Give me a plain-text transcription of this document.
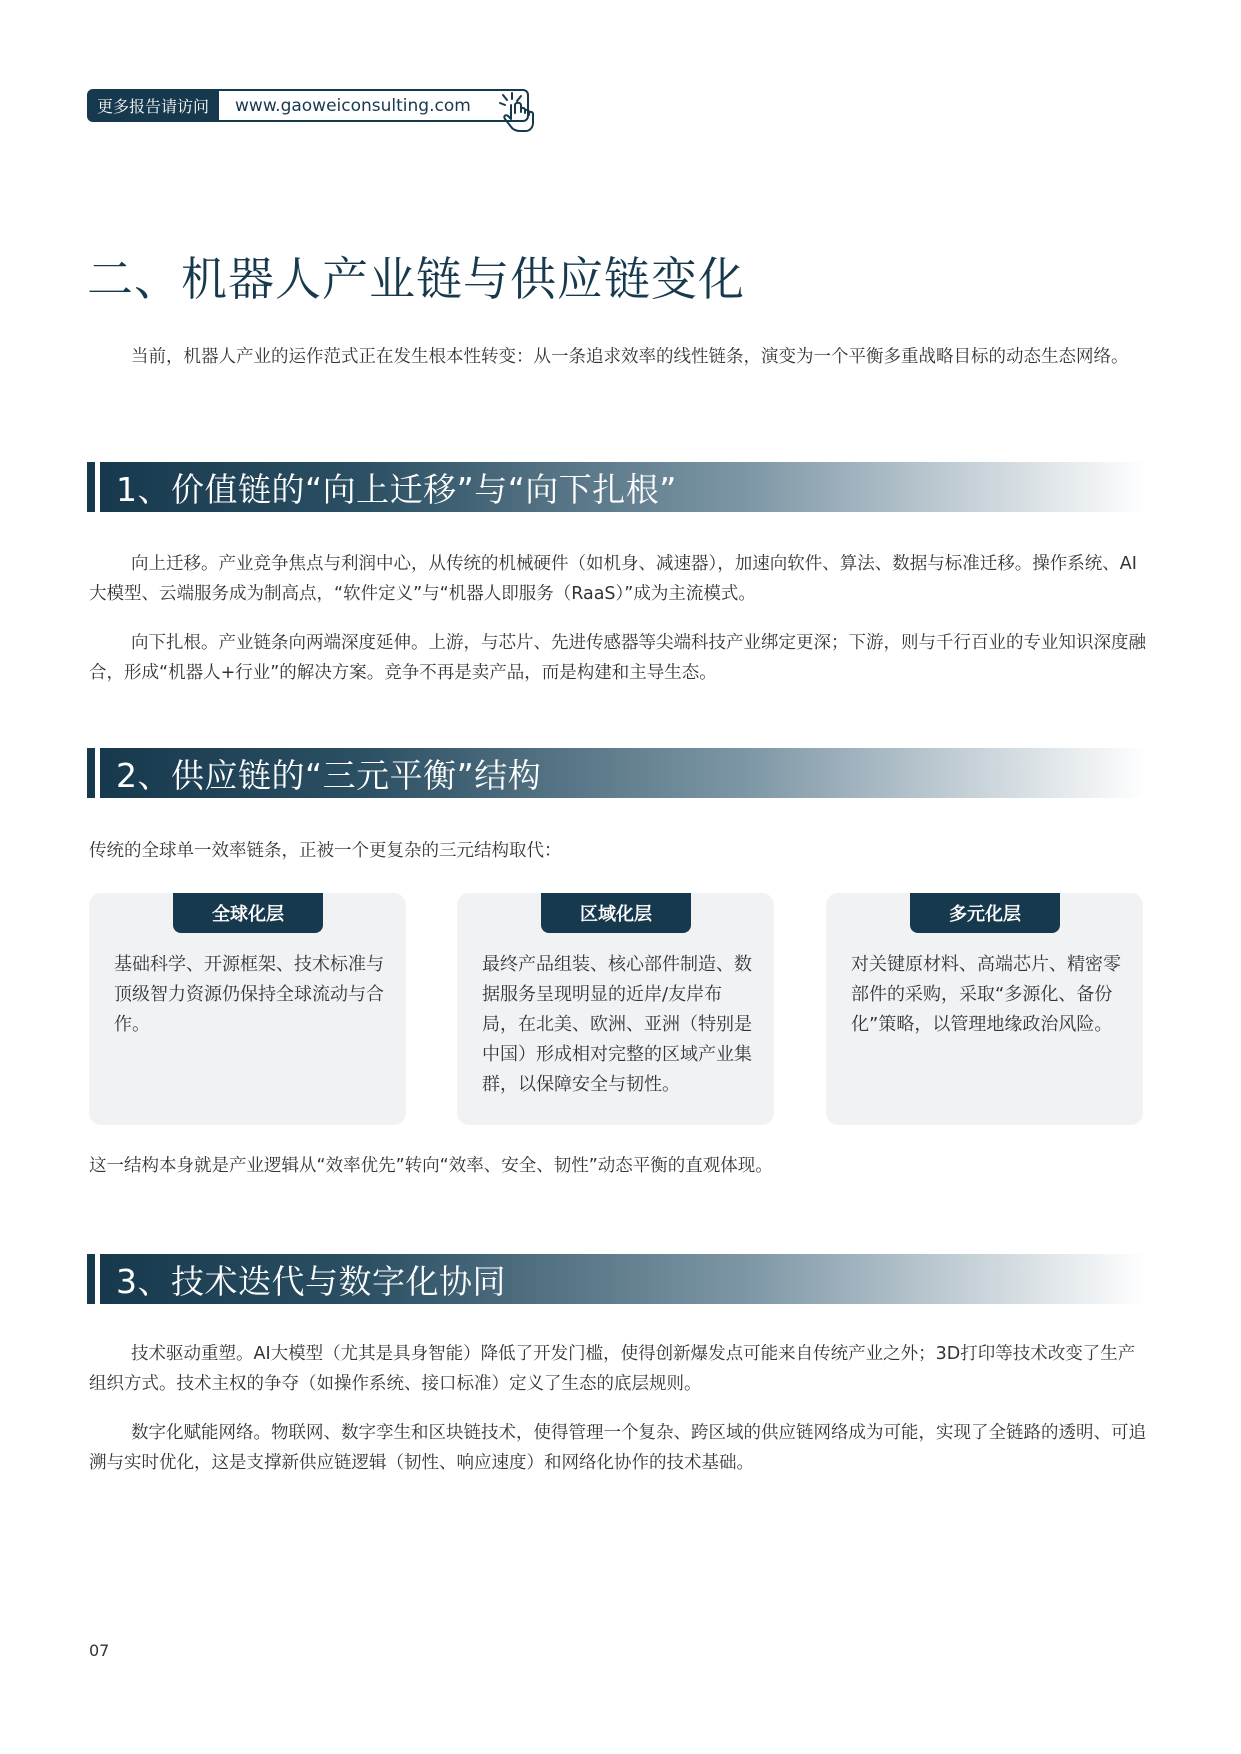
更多报告请访问	www.gaoweiconsulting.com
二、机器人产业链与供应链变化

当前，机器人产业的运作范式正在发生根本性转变：从一条追求效率的线性链条，演变为一个平衡多重战略目标的动态生态网络。

1、价值链的“向上迁移”与“向下扎根”

向上迁移。产业竞争焦点与利润中心，从传统的机械硬件（如机身、减速器），加速向软件、算法、数据与标准迁移。操作系统、AI大模型、云端服务成为制高点，“软件定义”与“机器人即服务（RaaS）”成为主流模式。

向下扎根。产业链条向两端深度延伸。上游，与芯片、先进传感器等尖端科技产业绑定更深；下游，则与千行百业的专业知识深度融合，形成“机器人+行业”的解决方案。竞争不再是卖产品，而是构建和主导生态。

2、供应链的“三元平衡”结构

传统的全球单一效率链条，正被一个更复杂的三元结构取代：

全球化层
基础科学、开源框架、技术标准与顶级智力资源仍保持全球流动与合作。
区域化层
最终产品组装、核心部件制造、数据服务呈现明显的近岸/友岸布局，在北美、欧洲、亚洲（特别是中国）形成相对完整的区域产业集群，以保障安全与韧性。
多元化层
对关键原材料、高端芯片、精密零部件的采购，采取“多源化、备份化”策略，以管理地缘政治风险。

这一结构本身就是产业逻辑从“效率优先”转向“效率、安全、韧性”动态平衡的直观体现。

3、技术迭代与数字化协同

技术驱动重塑。AI大模型（尤其是具身智能）降低了开发门槛，使得创新爆发点可能来自传统产业之外；3D打印等技术改变了生产组织方式。技术主权的争夺（如操作系统、接口标准）定义了生态的底层规则。

数字化赋能网络。物联网、数字孪生和区块链技术，使得管理一个复杂、跨区域的供应链网络成为可能，实现了全链路的透明、可追溯与实时优化，这是支撑新供应链逻辑（韧性、响应速度）和网络化协作的技术基础。

07
